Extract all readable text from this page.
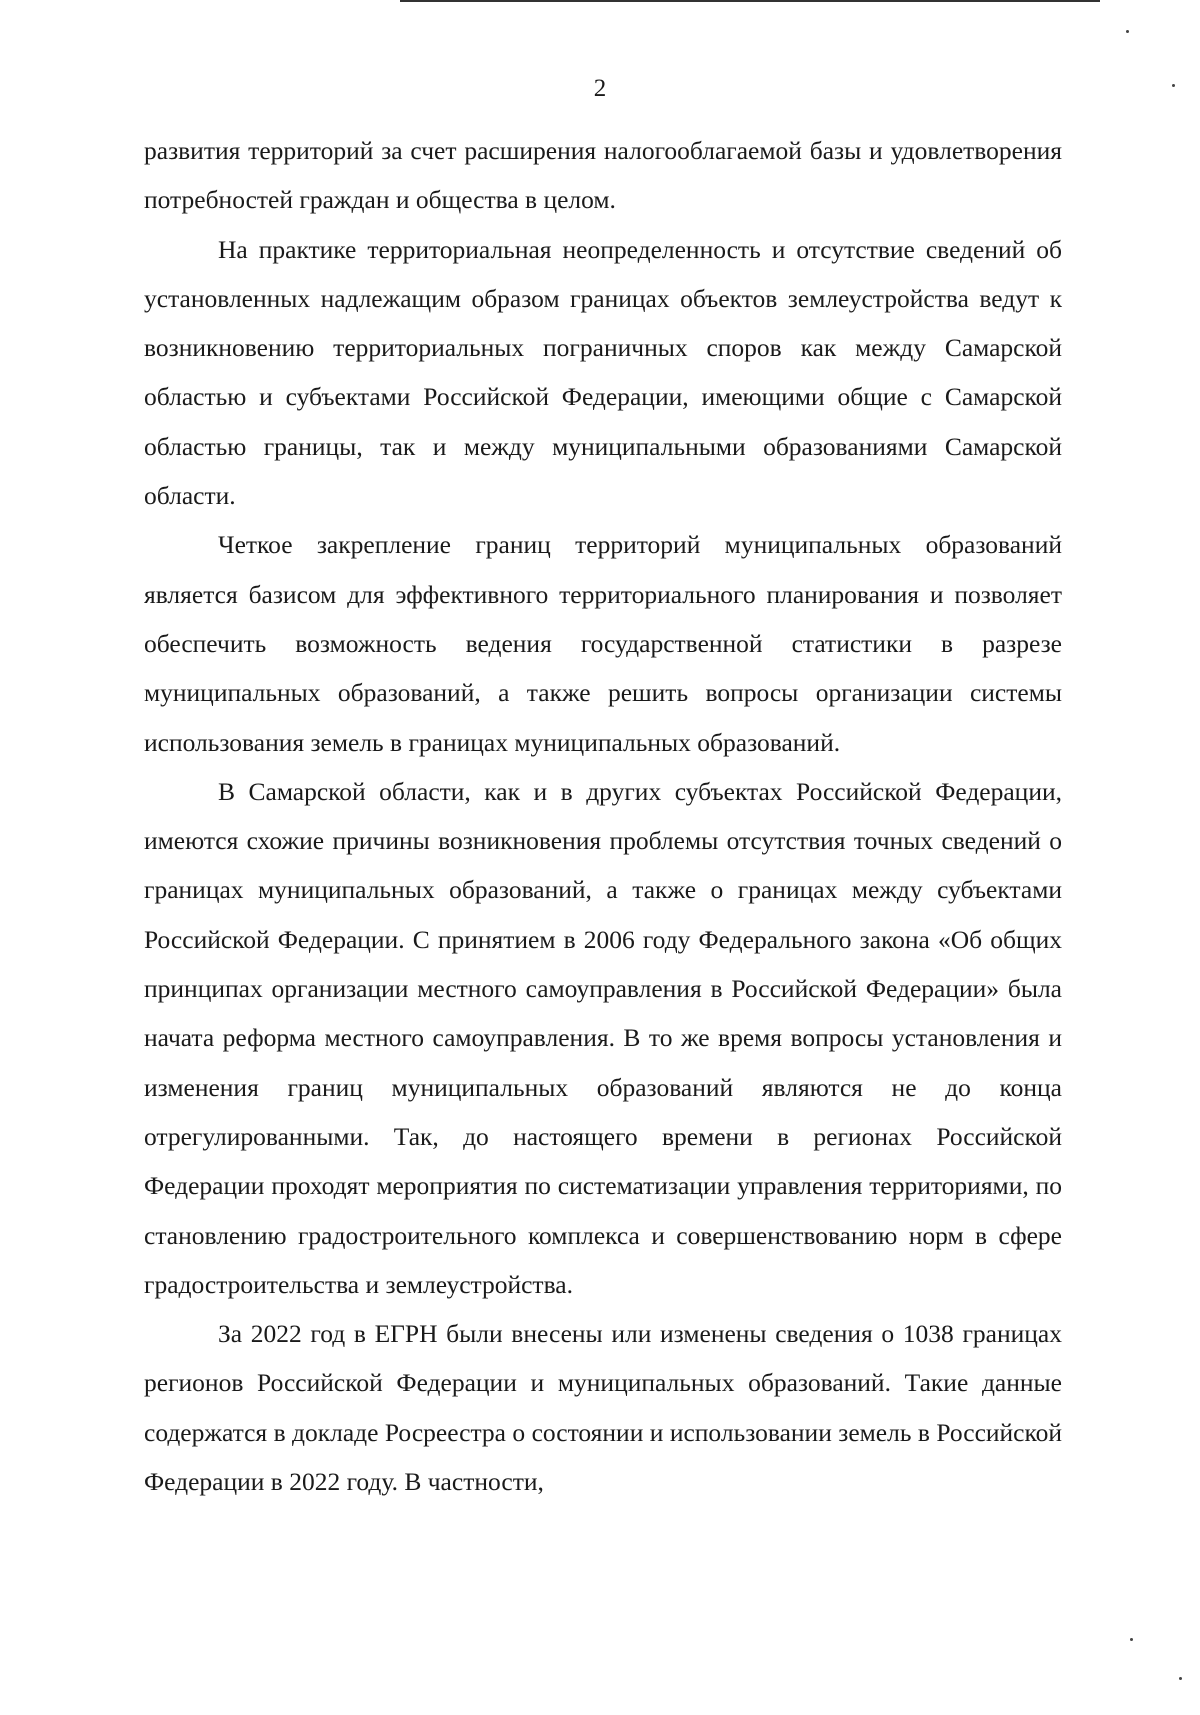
2

развития территорий за счет расширения налогооблагаемой базы и удовлетворения потребностей граждан и общества в целом.

На практике территориальная неопределенность и отсутствие сведений об установленных надлежащим образом границах объектов землеустройства ведут к возникновению территориальных пограничных споров как между Самарской областью и субъектами Российской Федерации, имеющими общие с Самарской областью границы, так и между муниципальными образованиями Самарской области.

Четкое закрепление границ территорий муниципальных образований является базисом для эффективного территориального планирования и позволяет обеспечить возможность ведения государственной статистики в разрезе муниципальных образований, а также решить вопросы организации системы использования земель в границах муниципальных образований.

В Самарской области, как и в других субъектах Российской Федерации, имеются схожие причины возникновения проблемы отсутствия точных сведений о границах муниципальных образований, а также о границах между субъектами Российской Федерации. С принятием в 2006 году Федерального закона «Об общих принципах организации местного самоуправления в Российской Федерации» была начата реформа местного самоуправления. В то же время вопросы установления и изменения границ муниципальных образований являются не до конца отрегулированными. Так, до настоящего времени в регионах Российской Федерации проходят мероприятия по систематизации управления территориями, по становлению градостроительного комплекса и совершенствованию норм в сфере градостроительства и землеустройства.

За 2022 год в ЕГРН были внесены или изменены сведения о 1038 границах регионов Российской Федерации и муниципальных образований. Такие данные содержатся в докладе Росреестра о состоянии и использовании земель в Российской Федерации в 2022 году. В частности,
